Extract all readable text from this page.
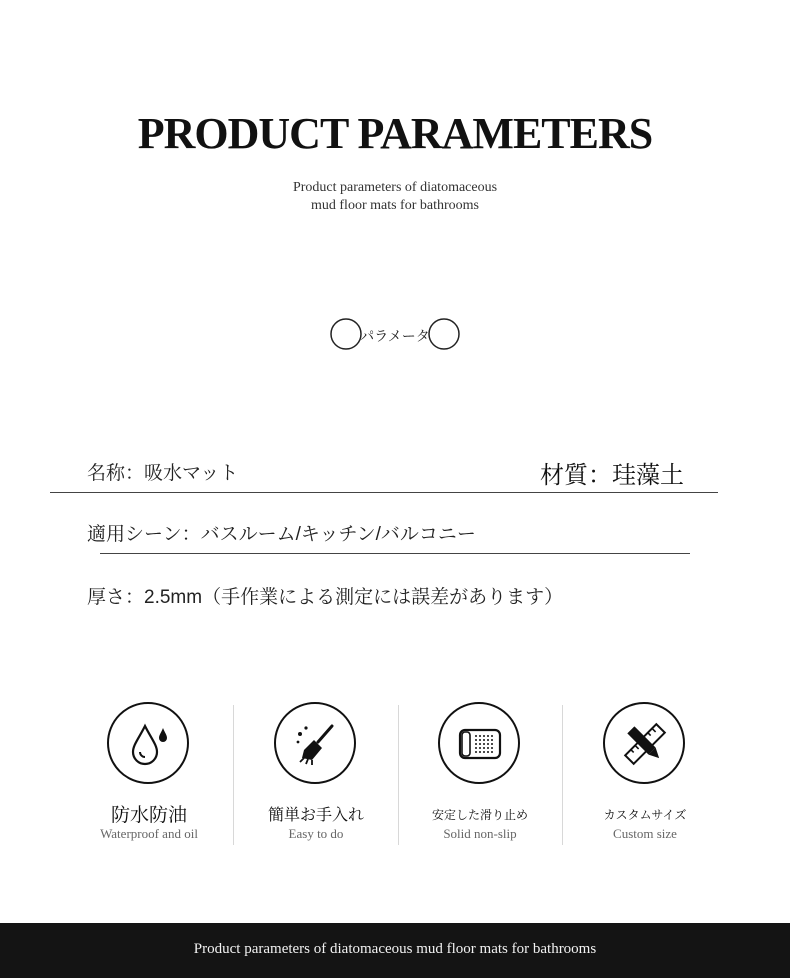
PRODUCT PARAMETERS
Product parameters of diatomaceous
mud floor mats for bathrooms
パラメータ
名称：吸水マット	材質：珪藻土
適用シーン：バスルーム/キッチン/バルコニー
厚さ：2.5mm（手作業による測定には誤差があります）
防水防油
Waterproof and oil
簡単お手入れ
Easy to do
安定した滑り止め
Solid non-slip
カスタムサイズ
Custom size
Product parameters of diatomaceous mud floor mats for bathrooms
